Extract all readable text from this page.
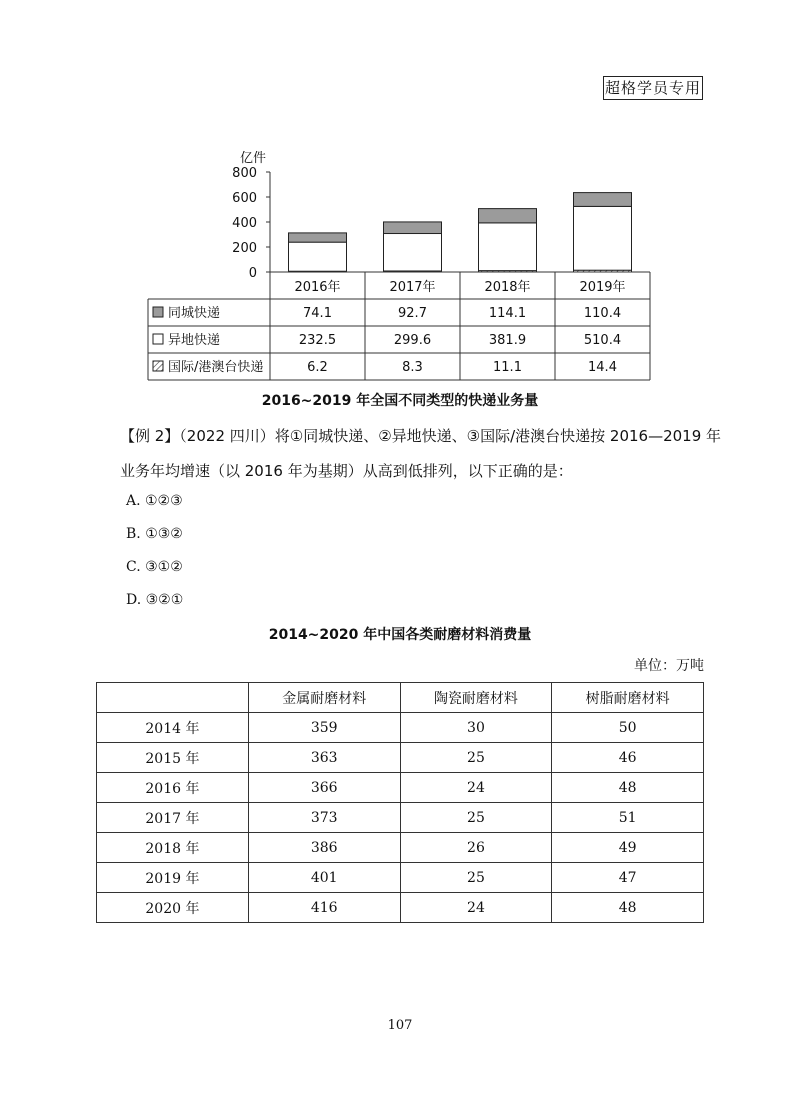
超格学员专用
亿件
0
200
400
600
800
2016年	2017年	2018年	2019年
同城快递	74.1	92.7	114.1	110.4
异地快递	232.5	299.6	381.9	510.4
国际/港澳台快递	6.2	8.3	11.1	14.4
2016~2019 年全国不同类型的快递业务量
【例 2】（2022 四川）将①同城快递、②异地快递、③国际/港澳台快递按 2016—2019 年
业务年均增速（以 2016 年为基期）从高到低排列，以下正确的是：
A. ①②③
B. ①③②
C. ③①②
D. ③②①
2014~2020 年中国各类耐磨材料消费量
单位：万吨
	金属耐磨材料	陶瓷耐磨材料	树脂耐磨材料
2014 年	359	30	50
2015 年	363	25	46
2016 年	366	24	48
2017 年	373	25	51
2018 年	386	26	49
2019 年	401	25	47
2020 年	416	24	48
107
